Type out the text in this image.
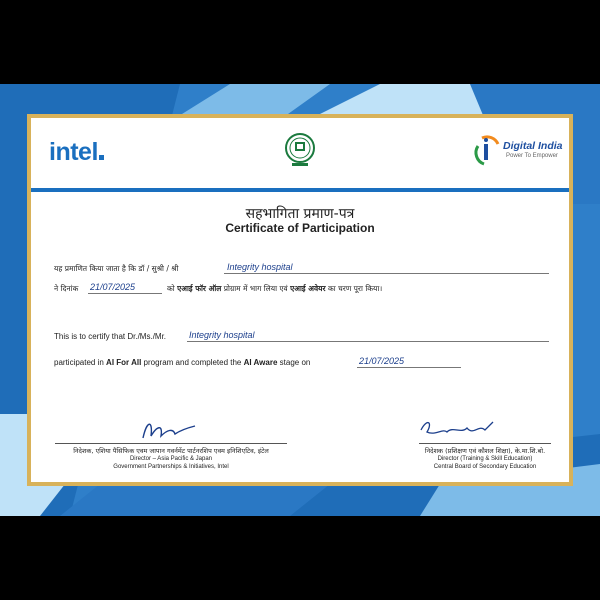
intel	Digital India
Power To Empower
सहभागिता प्रमाण-पत्र
Certificate of Participation
यह प्रमाणित किया जाता है कि डॉ / सुश्री / श्री	Integrity hospital
ने दिनांक 21/07/2025	को एआई फॉर ऑल प्रोग्राम में भाग लिया एवं एआई अवेयर का चरण पूरा किया।
This is to certify that Dr./Ms./Mr.	Integrity hospital
participated in AI For All program and completed the AI Aware stage on	21/07/2025
निदेशक, एशिया पैसिफिक एवम जापान गवर्नमेंट पार्टनरशिप एवम इनिशिएटिव, इंटेल
Director – Asia Pacific & Japan
Government Partnerships & Initiatives, Intel
निदेशक (प्रशिक्षण एवं कौशल शिक्षा), के.मा.शि.बो.
Director (Training & Skill Education)
Central Board of Secondary Education
